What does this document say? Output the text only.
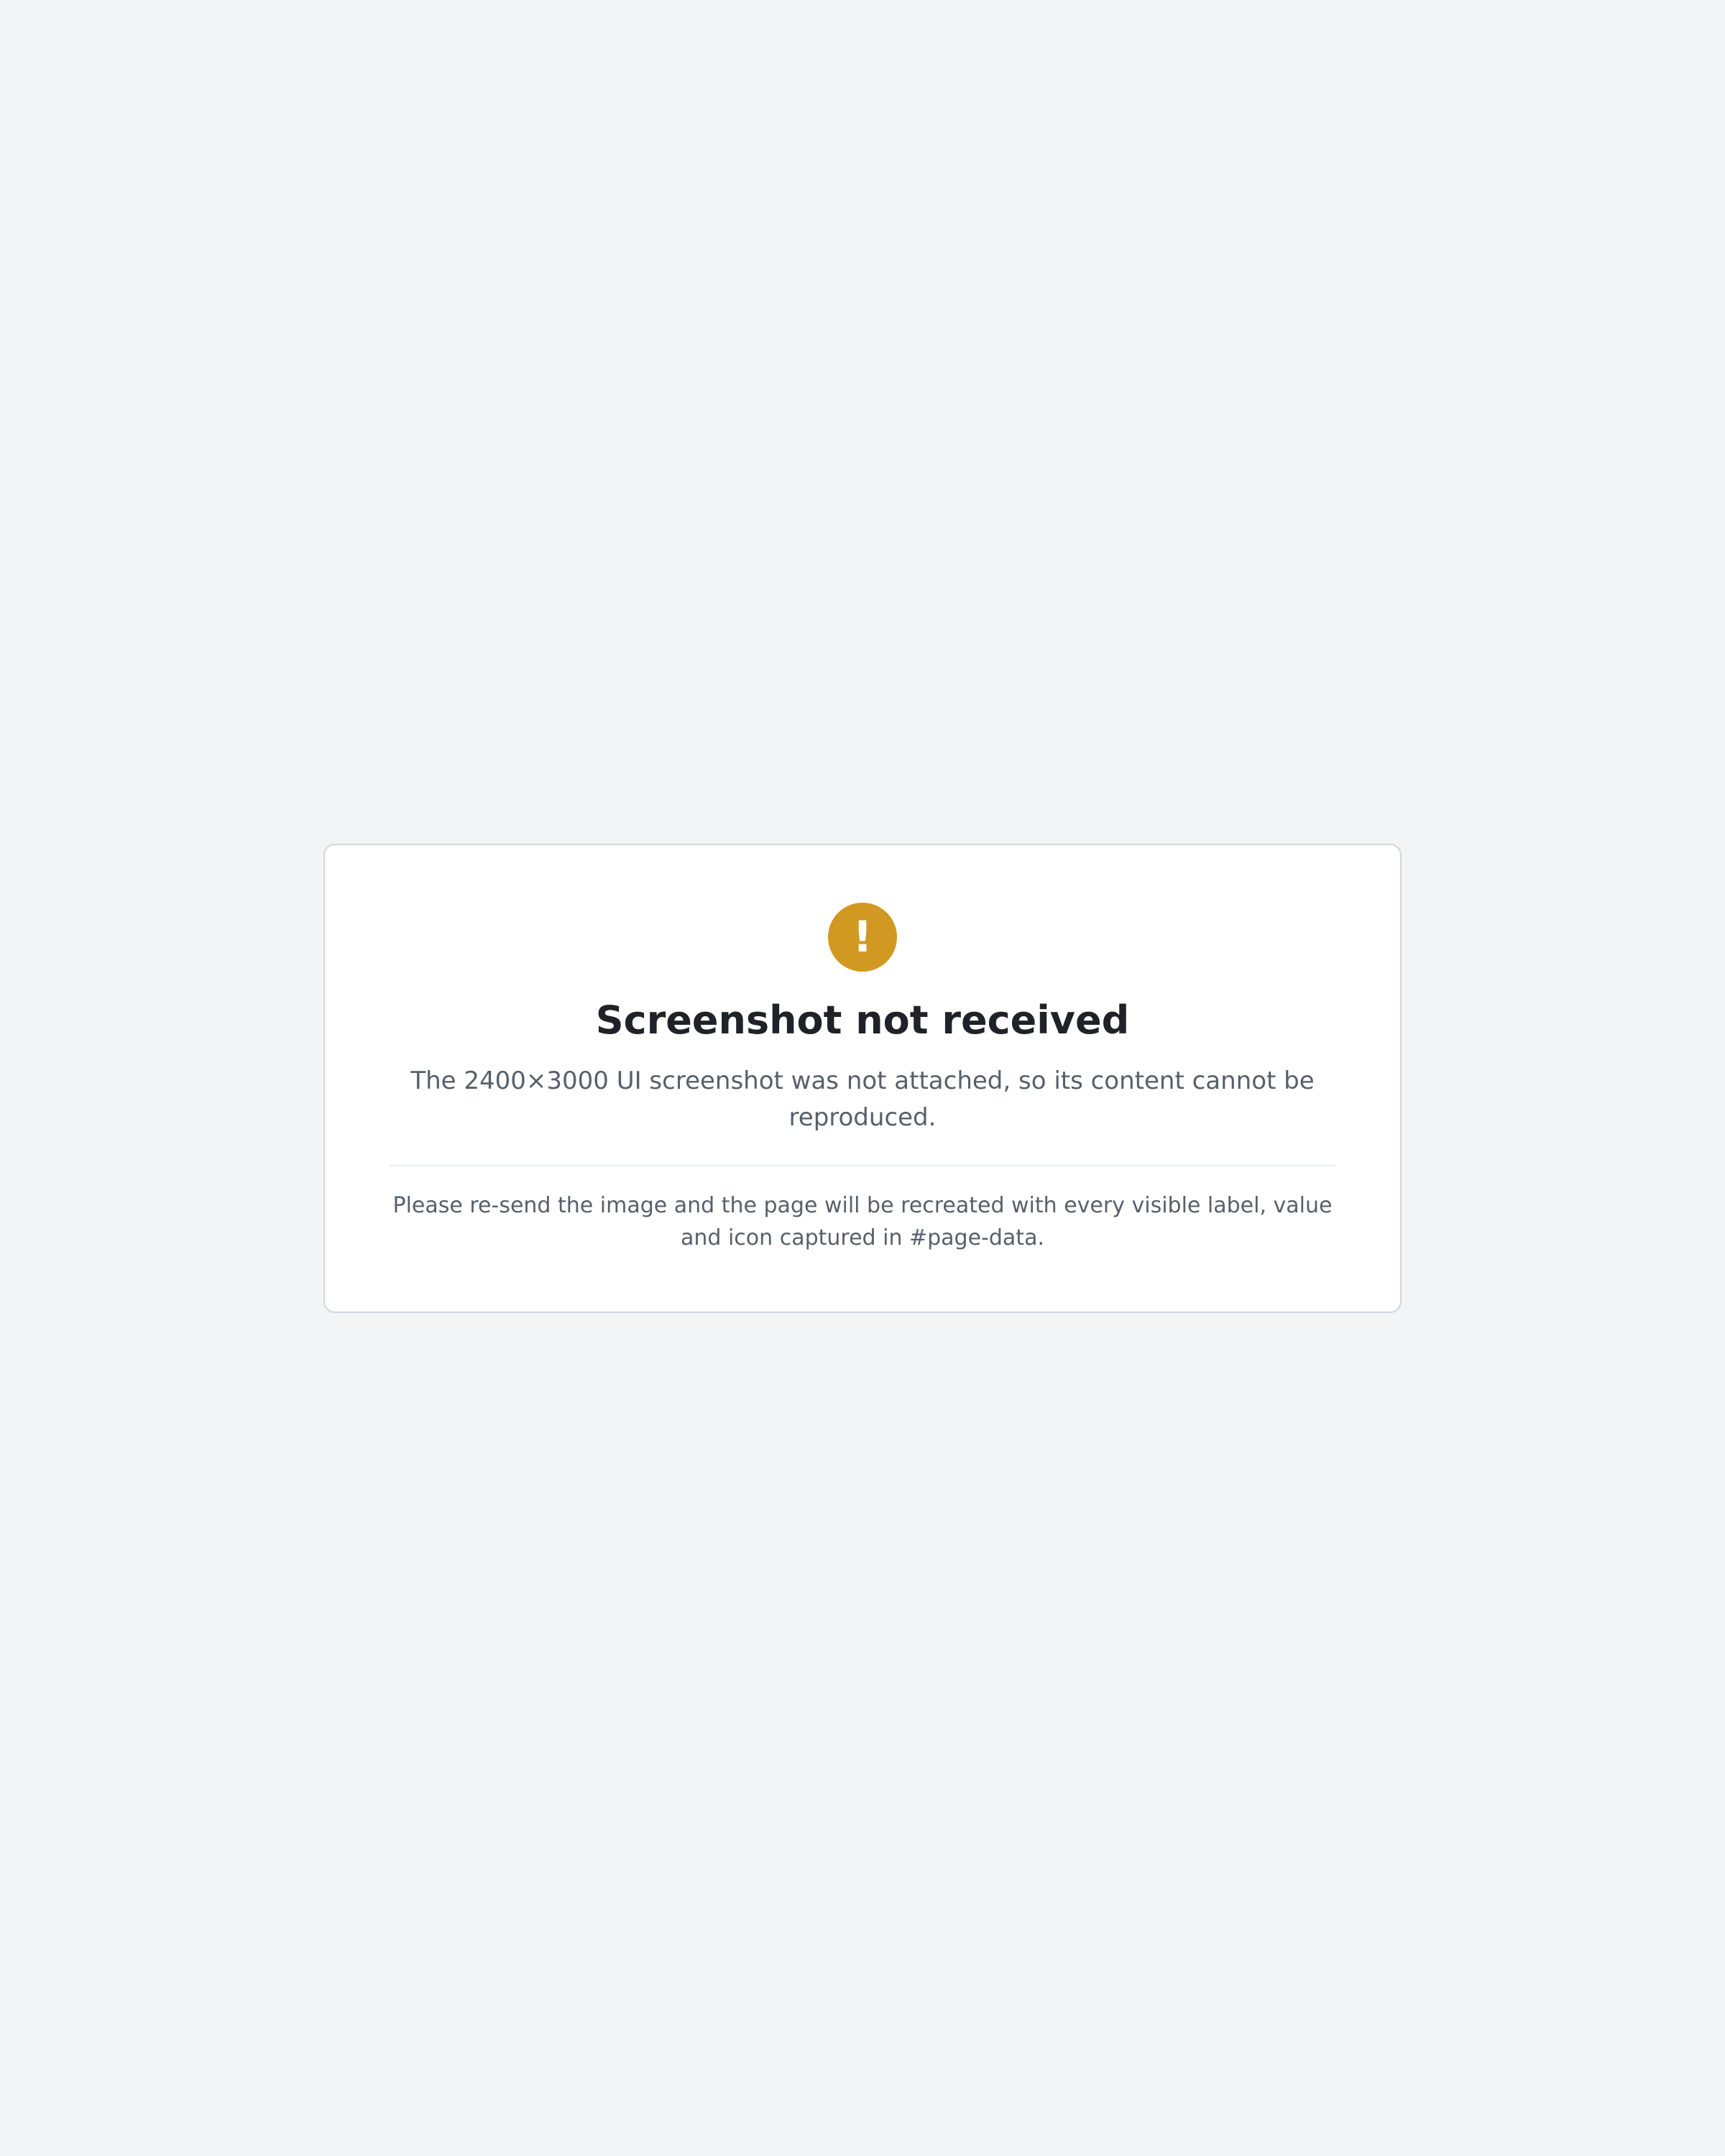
!
Screenshot not received

The 2400×3000 UI screenshot was not attached, so its content cannot be reproduced.

Please re-send the image and the page will be recreated with every visible label, value and icon captured in #page-data.
